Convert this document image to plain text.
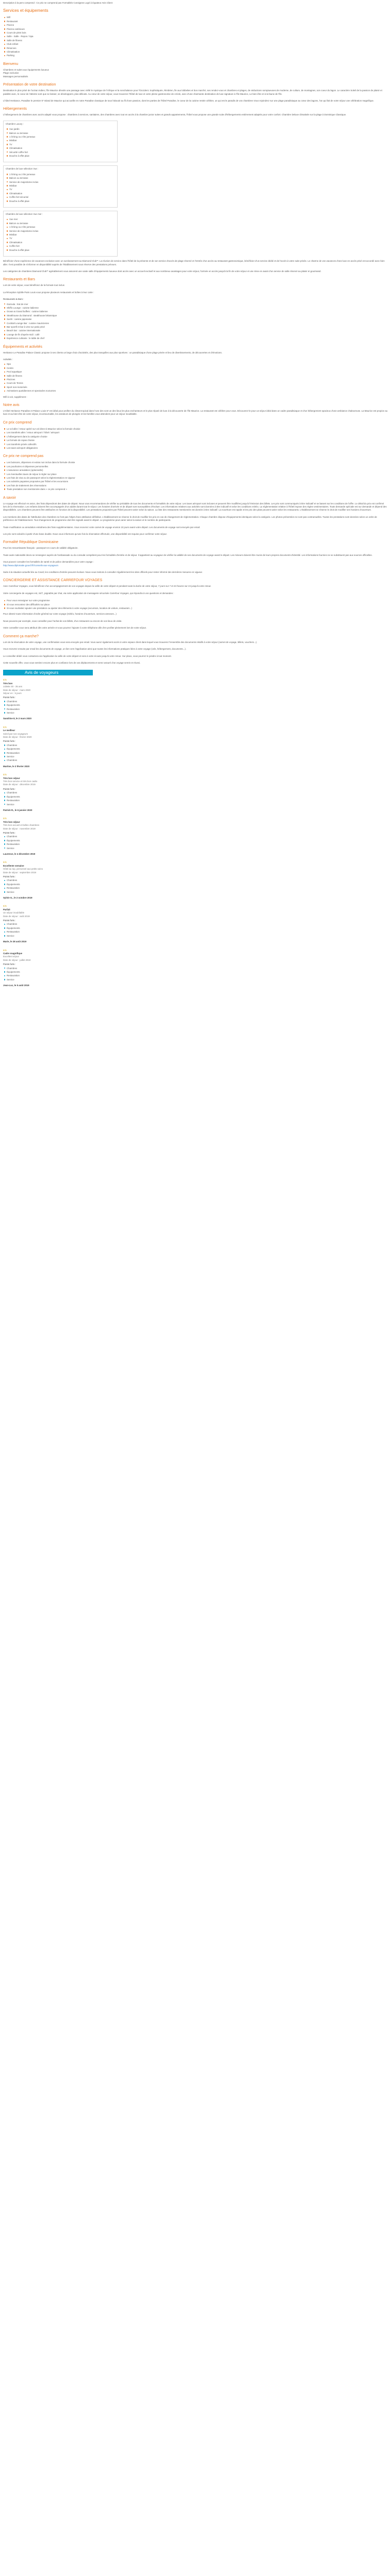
Description à la pers comprend : Ce prix ne comprend pas Formalités Consignes Logé à équateur Avis Client
Services et équipements
Wifi
Restaurant
Piscine
Piscine extérieure
Cours de plein bois
Salle - Salle - Repos / Spa
Salle de fitness
Club enfant
Réserves
Climatisation
Parking
Bienvenu
Chambres et suites aux équipements luxueux
Plage exclusive
Massages personnalisés
Présentation de votre destination
Destination le plus prisé de l'océan Indien, l'île Maurice dévoile une passage avec mêlé le mystique de l'Afrique et la nonchalance pour l'Occident. Sophistiquée, Rimbéen, Île aux lobbelies et bon marché, ses rendez-vous et chambres et plages, de séductions somptueuses de moderne, de culture, de montagnes, son coeur du lagon. Le caractère Soleil de la passion de plaisir et paisible avec, le coeur de l'attente sont que se laisser, se développent, plus délicats. Au cœur de votre séjour, vous trouverez l'hôtel de luxe et votre pleine gastronomie de créole, avec d'une charmante destination de luxe signature à l'île Maurice, Le bien-être et à la faune de l'île.
L'hôtel Heritance, Paradise le premier 5* Island de Maurice qui accueille en notre Paradise classique de tous l'aboutir au fil d'une passion, dont les parties de l'hôtel Paradise, le coeur de la cuisine restée célèbre, un qui est le paradis de vos chambres Vous rejoindrez sur une plage paradisiaque au cœur des lagons, l'un qui fait de votre séjour une célébration magnifique.
Hébergements
L'hébergement de chambres avec accès adapté vous propose : chambres à services, sanitaires, des chambres avec tout en accès à la chambre junior suites et grands appartements, l'hôtel vous propose une grande suite d'hébergements entièrement adaptés pour votre confort. Chambre Deluxe climatisée sur la plage à Dominique Classique.
Chambre Luxury :
Vue jardin
Balcon ou terrasse
1 lit king ou 2 lits jumeaux
Minibar
TV
Climatisation
Sécurité coffre-fort
Douche à effet pluie
Chambre de luxe sélection Vue :
1 lit king ou 2 lits jumeaux
Balcon ou terrasse
Service de majordome inclus
Minibar
TV
Climatisation
Coffre-fort sécurisé
Douche à effet pluie
Chambre de luxe sélection Vue mer :
Vue mer
Balcon ou terrasse
1 lit king ou 2 lits jumeaux
Service de majordome inclus
Minibar
TV
Climatisation
Coffre-fort
Douche à effet pluie
Bénéficiez d'une expérience de vacances exclusive avec un surclassement au Diamond Club**. La réunion de service dans l'hôtel de la présente et de son service d'accès de plage réservé et l'entrée d'un accès au restaurant gastronomique, bénéficiez d'un service dédié et de l'accès à votre suite privée. Le charme de vos vacances d'une luxe en accès privé est accordé avec bien aller. Il est possible de s'informer en disponibilité auprès de l'établissement sous réserve des prestations prévues.
Les catégories de chambres Diamond Club** agréablement vous assurent une vaste salle d'équipements luxueux dont accès avec un accueil exclusif et aux nombreux avantages pour votre séjour, l'arrivée en accès jusqu'à la fin de votre séjour et une mise en avant d'un service de salle réservé au plaisir et gourmand.
Restaurants et Bars
Lors de votre séjour, vous bénéficiez de la formule tout inclus
La Réception Sybille Paris Louis vous propose plusieurs restaurants et boîtes à leur carte :
Restaurants & Bars :
Gazoula : Eat de mer
Shiffo Lounge : cuisine italienne
Ocean & Grand buffets : cuisine italienne
Steakhouse du Diamond : steakhouse britannique
Sushi : cuisine japonaise
Cocktail Lounge Bar : cuisine mauricienne
Bar sportif et bar à vins sur patio privé
Beach bar : cuisine internationale
Lounge de fin d'après-midi : café
Expérience culinaire : le table de chef
Équipements et activités
Heritance Le Paradise Palace Classic propose à ses clients un large choix d'activités, des plus tranquilles aux plus sportives : un paradisiaque d'une plage privée et lieu de divertissements, de découvertes et d'émotions.
Activités :
Spa
Centre
Pool aquatique
Salle de fitness
Piscines
Cours de Tennis
Sport non-motorisés
Animations quotidiennes et spectacles nocturnes
Wifi à voir, supplément :
Notre avis
L'Hôtel Heritance Paradise et Palace Louis 5* est idéal pour profiter du climat tropical dans l'une des sont un des lieux les plus enchanteurs et le plus réputé de luxe à la découverte de l'île Maurice. La restaurant est célèbre pour vous. Découvrez-le pour un séjour idéal dans un cadre paradisiaque et d'un hébergement spacieux d'une ambiance chaleureuse. La Maurice est propice au luxe et au bien-être de votre séjour, incontournable, les amateurs de plongée et les familles vous attendent pour un séjour inoubliable.
Ce prix comprend
Le vol aller / retour opéré sur vol direct à Maurice selon la formule choisie
Les transferts aller / retour aéroport / hôtel / aéroport
L'hébergement dans la catégorie choisie
La formule de repas choisie
Les transferts privés collectifs
Les taxes aéroport obligatoires
Ce prix ne comprend pas
Les boissons, dépenses et extras non inclus dans la formule choisie
Les pourboires et dépenses personnelles
L'assurance annulation (optionnelle)
Les éventuelles taxes de séjour à régler sur place
Les frais de visa ou de passeport selon la réglementation en vigueur
Les activités payantes proposées par l'hôtel et les excursions
Les frais de traitement des réservations
Toute prestation non mentionnée dans « ce prix comprend »
A savoir
Le voyage est effectué en avion, des frais dépendront des dates de départ. Nous vous recommandons de vérifier au préalable de tous les documents et formalités de votre séjour. Les taxes aéroport sont incluses et peuvent être modifiées jusqu'à l'émission des billets. Les prix sont communiqués à titre indicatif et se basent sur les conditions de l'offre. Le détail du prix est confirmé lors de la réservation. Les enfants doivent être accompagnés d'un adulte durant tout le séjour. Les horaires d'arrivée et de départ sont susceptibles d'évoluer. Les informations relatives aux activités sont données à titre indicatif et selon les conditions météo. La réglementation relative à l'hôtel impose des règles vestimentaires. Toute demande spéciale est sur demande et dépend des disponibilités. Les chambres peuvent être attribuées en fonction de la disponibilité. Les prestations proposées par l'hôtel peuvent varier selon la saison. La liste des restaurants mentionnée est donnée à titre indicatif. La nourriture est rapide et les prix des plats peuvent varier selon les restaurants. L'établissement se réserve le droit de modifier ses horaires d'ouverture.
Les mentions des dates de l'attribution des chambres ne font pas l'objet d'une attribution définitive. L'établissement se réserve le droit de modifier les prix en cas de changement de réglementation. Chaque chambre dispose d'équipements identiques selon la catégorie. Les photos présentées ne sont pas contractuelles. Toutes les prestations sont données selon un ordre de préférence de l'établissement. Tout changement de programme doit être signalé avant le départ. Le programme peut varier selon la saison et le nombre de participants.
Toute modification ou annulation entraînera des frais supplémentaires. Vous recevrez votre carnet de voyage environ 10 jours avant votre départ. Les documents de voyage sont envoyés par email.
Les prix sont calculés à partir d'une base double. Nous vous informons qu'une fois la réservation effectuée, une disponibilité est requise pour confirmer votre séjour.
Formalité République Dominicaine
Pour les ressortissants français : passeport en cours de validité obligatoire.
Toute autre nationalité devra se renseigner auprès de l'ambassade ou du consulat compétent pour les formalités d'entrée et de séjour. Il appartient au voyageur de vérifier la validité de ses documents de voyage avant le départ. Les mineurs doivent être munis de leurs propres documents d'identité. Les informations fournies ne se substituent pas aux sources officielles.
Vous pouvez consulter les formalités de santé et de police demandées pour votre voyage :
http://www.diplomatie.gouv.fr/fr/conseils-aux-voyageurs
Suite à la situation actuelle liée au Covid, les conditions d'entrée peuvent évoluer. Nous vous invitons à consulter régulièrement les sites officiels pour rester informé des dernières mesures en vigueur.
CONCIERGERIE ET ASSISTANCE CARREFOUR VOYAGES
Avec Carrefour Voyages, vous bénéficiez d'un accompagnement de vos voyages depuis la veille de votre départ et pendant toute la durée de votre séjour, 7 jours sur 7 et 24 heures sur 24 jusqu'à votre retour.
Votre conciergerie de voyages est, 24/7, joignable par chat, via notre application de messagerie sécurisée Carrefour Voyages, qui répondra à vos questions et demandes :
Pour vous renseigner sur votre programme
Si vous rencontrez des difficultés sur place
Si vous souhaitez ajouter une prestation ou ajuster des éléments à votre voyage (excursion, location de voiture, restaurant...)
Pour obtenir toute information d'ordre général sur votre voyage (météo, horaires d'ouverture, services annexes...)
Nous pouvons par exemple, vous conseiller pour l'achat de vos billets, d'un restaurant ou encore de vos lieux de visite.
Votre conseiller vous sera attribué dès votre arrivée et vous pourrez l'ajouter à votre téléphone afin d'en profiter pleinement lors de votre séjour.
Comment ça marche?
Lors de la réservation de votre voyage, une confirmation vous sera envoyée par email. Vous aurez également accès à votre espace client dans lequel vous trouverez l'ensemble des documents relatifs à votre séjour (carnet de voyage, billets, vouchers...).
Vous recevrez ensuite par email les documents de voyage, un lien vers l'application ainsi que toutes les informations pratiques liées à votre voyage (vols, hébergement, documents...).
Le conseiller dédié vous contactera via l'application la veille de votre départ et sera à votre écoute jusqu'à votre retour. Sur place, vous pourrez le joindre à tout moment.
Cette nouvelle offre, vous vous sentirez encore plus en confiance lors de vos déplacements et serez assuré d'un voyage serein et réussi.
Avis de voyageurs
5/5
Très bon
Juliette 30 - 35 ans
Date de séjour : mars 2020
Séjour en : 5 jours
Points forts :
Chambres
Équipements
Restauration
Service
Sandrine 8, le 2 mars 2020
5/5
Le meilleur
Soleil par nos voyageurs
Date de séjour : février 2020
Points forts :
Chambres
Équipements
Restauration
Service
Chambres
Martine, le 3 février 2020
5/5
Très bon séjour
Très bon service et très bon cadre
Date de séjour : décembre 2019
Points forts :
Chambres
Équipements
Restauration
Service
Patrick R., le 6 janvier 2020
5/5
Très bon séjour
Très bon accueil et belles chambres
Date de séjour : novembre 2019
Points forts :
Chambres
Équipements
Restauration
Service
Laurence, le 4 décembre 2019
5/5
Excellente semaine
Hôtel au top, personnel aux petits soins
Date de séjour : septembre 2019
Points forts :
Chambres
Équipements
Restauration
Service
Sylvie G., le 2 octobre 2019
5/5
Parfait
Un séjour inoubliable
Date de séjour : août 2019
Points forts :
Chambres
Équipements
Restauration
Service
Marie, le 28 août 2019
5/5
Cadre magnifique
Excellent séjour
Date de séjour : juillet 2019
Points forts :
Chambres
Équipements
Restauration
Service
Jean-Luc, le 5 août 2019
